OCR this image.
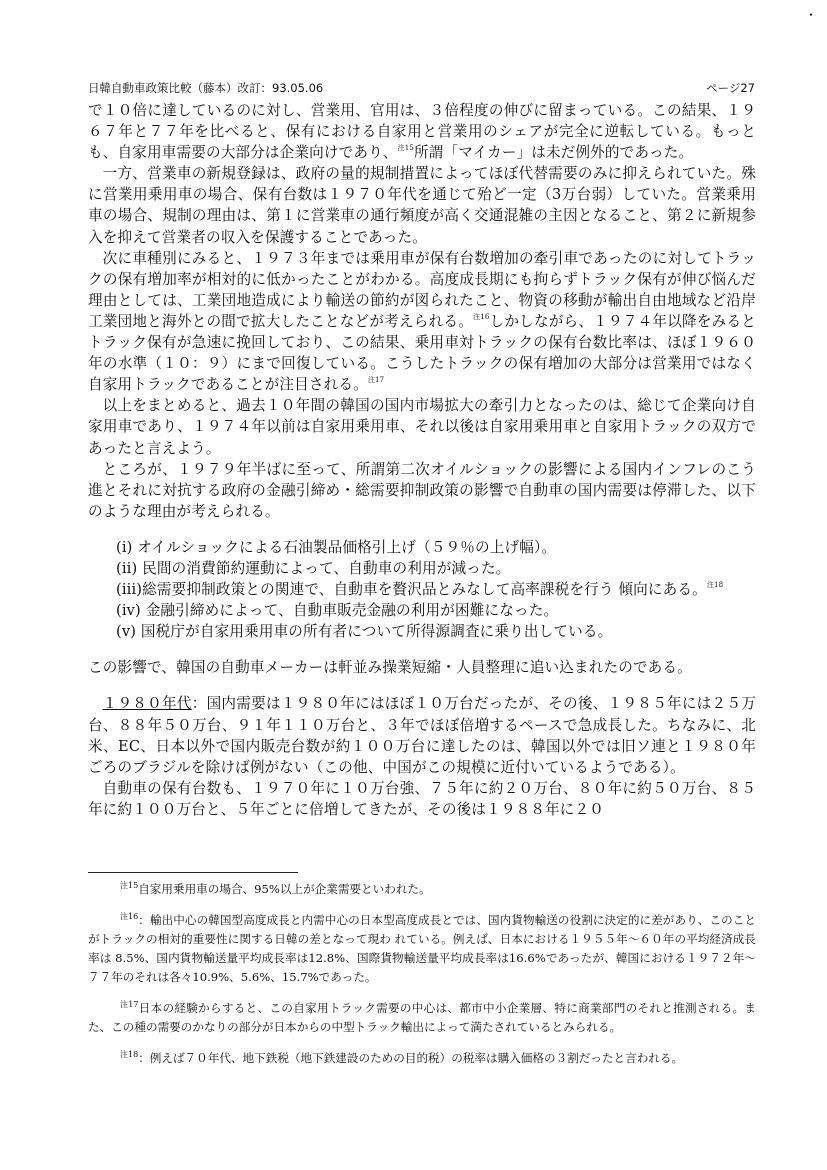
・
日韓自動車政策比較（藤本）改訂：93.05.06	ページ27

で１０倍に達しているのに対し、営業用、官用は、３倍程度の伸びに留まっている。この結果、１９６７年と７７年を比べると、保有における自家用と営業用のシェアが完全に逆転している。もっとも、自家用車需要の大部分は企業向けであり、$^{注15}$所謂「マイカー」は未だ例外的であった。

一方、営業車の新規登録は、政府の量的規制措置によってほぼ代替需要のみに抑えられていた。殊に営業用乗用車の場合、保有台数は１９７０年代を通じて殆ど一定（3万台弱）していた。営業乗用車の場合、規制の理由は、第１に営業車の通行頻度が高く交通混雑の主因となること、第２に新規参入を抑えて営業者の収入を保護することであった。

次に車種別にみると、１９７３年までは乗用車が保有台数増加の牽引車であったのに対してトラックの保有増加率が相対的に低かったことがわかる。高度成長期にも拘らずトラック保有が伸び悩んだ理由としては、工業団地造成により輸送の節約が図られたこと、物資の移動が輸出自由地域など沿岸工業団地と海外との間で拡大したことなどが考えられる。$^{注16}$しかしながら、１９７４年以降をみるとトラック保有が急速に挽回しており、この結果、乗用車対トラックの保有台数比率は、ほぼ１９６０年の水準（１０：９）にまで回復している。こうしたトラックの保有増加の大部分は営業用ではなく自家用トラックであることが注目される。$^{注17}$

以上をまとめると、過去１０年間の韓国の国内市場拡大の牽引力となったのは、総じて企業向け自家用車であり、１９７４年以前は自家用乗用車、それ以後は自家用乗用車と自家用トラックの双方であったと言えよう。

ところが、１９７９年半ばに至って、所謂第二次オイルショックの影響による国内インフレのこう進とそれに対抗する政府の金融引締め・総需要抑制政策の影響で自動車の国内需要は停滞した、以下のような理由が考えられる。

(i) オイルショックによる石油製品価格引上げ（５９％の上げ幅）。
(ii) 民間の消費節約運動によって、自動車の利用が減った。
(iii)総需要抑制政策との関連で、自動車を贅沢品とみなして高率課税を行う 傾向にある。$^{注18}$
(iv) 金融引締めによって、自動車販売金融の利用が困難になった。
(v) 国税庁が自家用乗用車の所有者について所得源調査に乗り出している。

この影響で、韓国の自動車メーカーは軒並み操業短縮・人員整理に追い込まれたのである。

１９８０年代：国内需要は１９８０年にはほぼ１０万台だったが、その後、１９８５年には２５万台、８８年５０万台、９１年１１０万台と、３年でほぼ倍増するペースで急成長した。ちなみに、北米、EC、日本以外で国内販売台数が約１００万台に達したのは、韓国以外では旧ソ連と１９８０年ごろのブラジルを除けば例がない（この他、中国がこの規模に近付いているようである）。

自動車の保有台数も、１９７０年に１０万台強、７５年に約２０万台、８０年に約５０万台、８５年に約１００万台と、５年ごとに倍増してきたが、その後は１９８８年に２０

$^{注15}$自家用乗用車の場合、95%以上が企業需要といわれた。

$^{注16}$：輸出中心の韓国型高度成長と内需中心の日本型高度成長とでは、国内貨物輸送の役割に決定的に差があり、このことがトラックの相対的重要性に関する日韓の差となって現わ れている。例えば、日本における１９５５年〜６０年の平均経済成長率は 8.5%、国内貨物輸送量平均成長率は12.8%、国際貨物輸送量平均成長率は16.6%であったが、韓国における１９７２年〜７７年のそれは各々10.9%、5.6%、15.7%であった。

$^{注17}$日本の経験からすると、この自家用トラック需要の中心は、都市中小企業層、特に商業部門のそれと推測される。また、この種の需要のかなりの部分が日本からの中型トラック輸出によって満たされているとみられる。

$^{注18}$：例えば７０年代、地下鉄税（地下鉄建設のための目的税）の税率は購入価格の３割だったと言われる。
